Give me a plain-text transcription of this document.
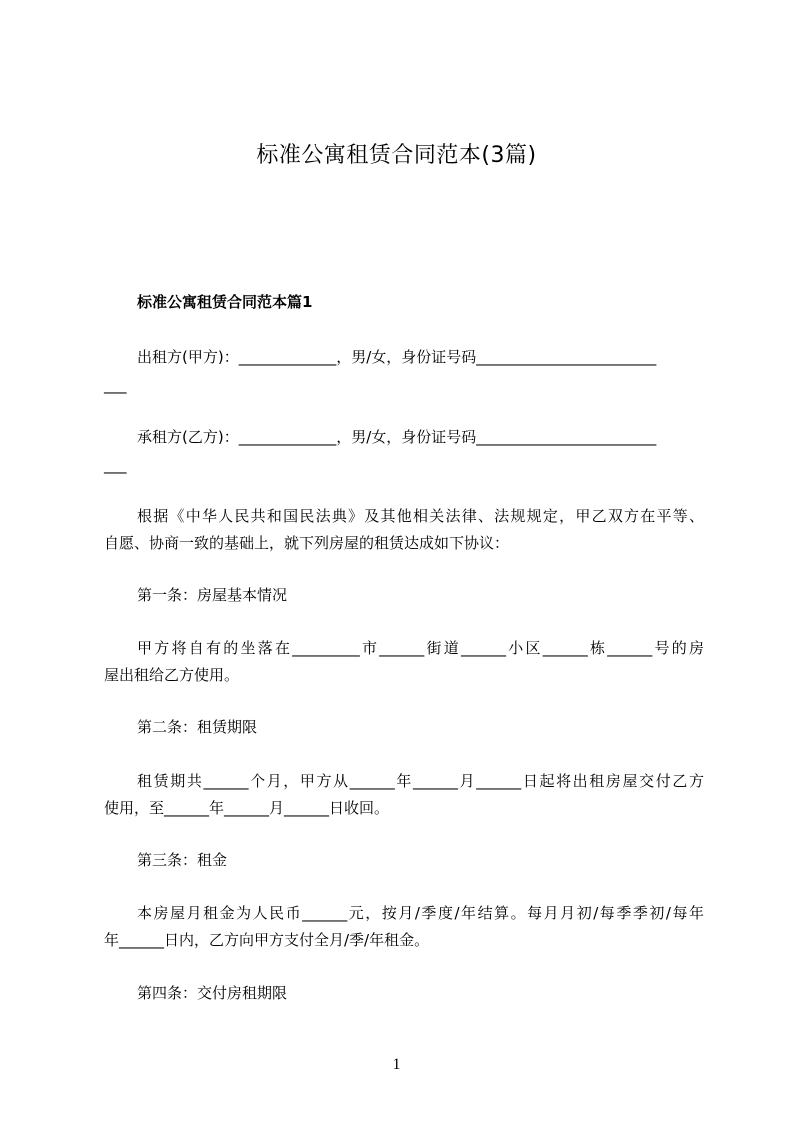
标准公寓租赁合同范本(3篇)
标准公寓租赁合同范本篇1
出租方(甲方)：_____________，男/女，身份证号码________________________
___
承租方(乙方)：_____________，男/女，身份证号码________________________
___
根据《中华人民共和国民法典》及其他相关法律、法规规定，甲乙双方在平等、
自愿、协商一致的基础上，就下列房屋的租赁达成如下协议：
第一条：房屋基本情况
甲方将自有的坐落在_________市______街道______小区______栋______号的房
屋出租给乙方使用。
第二条：租赁期限
租赁期共______个月，甲方从______年______月______日起将出租房屋交付乙方
使用，至______年______月______日收回。
第三条：租金
本房屋月租金为人民币______元，按月/季度/年结算。每月月初/每季季初/每年
年______日内，乙方向甲方支付全月/季/年租金。
第四条：交付房租期限
1
